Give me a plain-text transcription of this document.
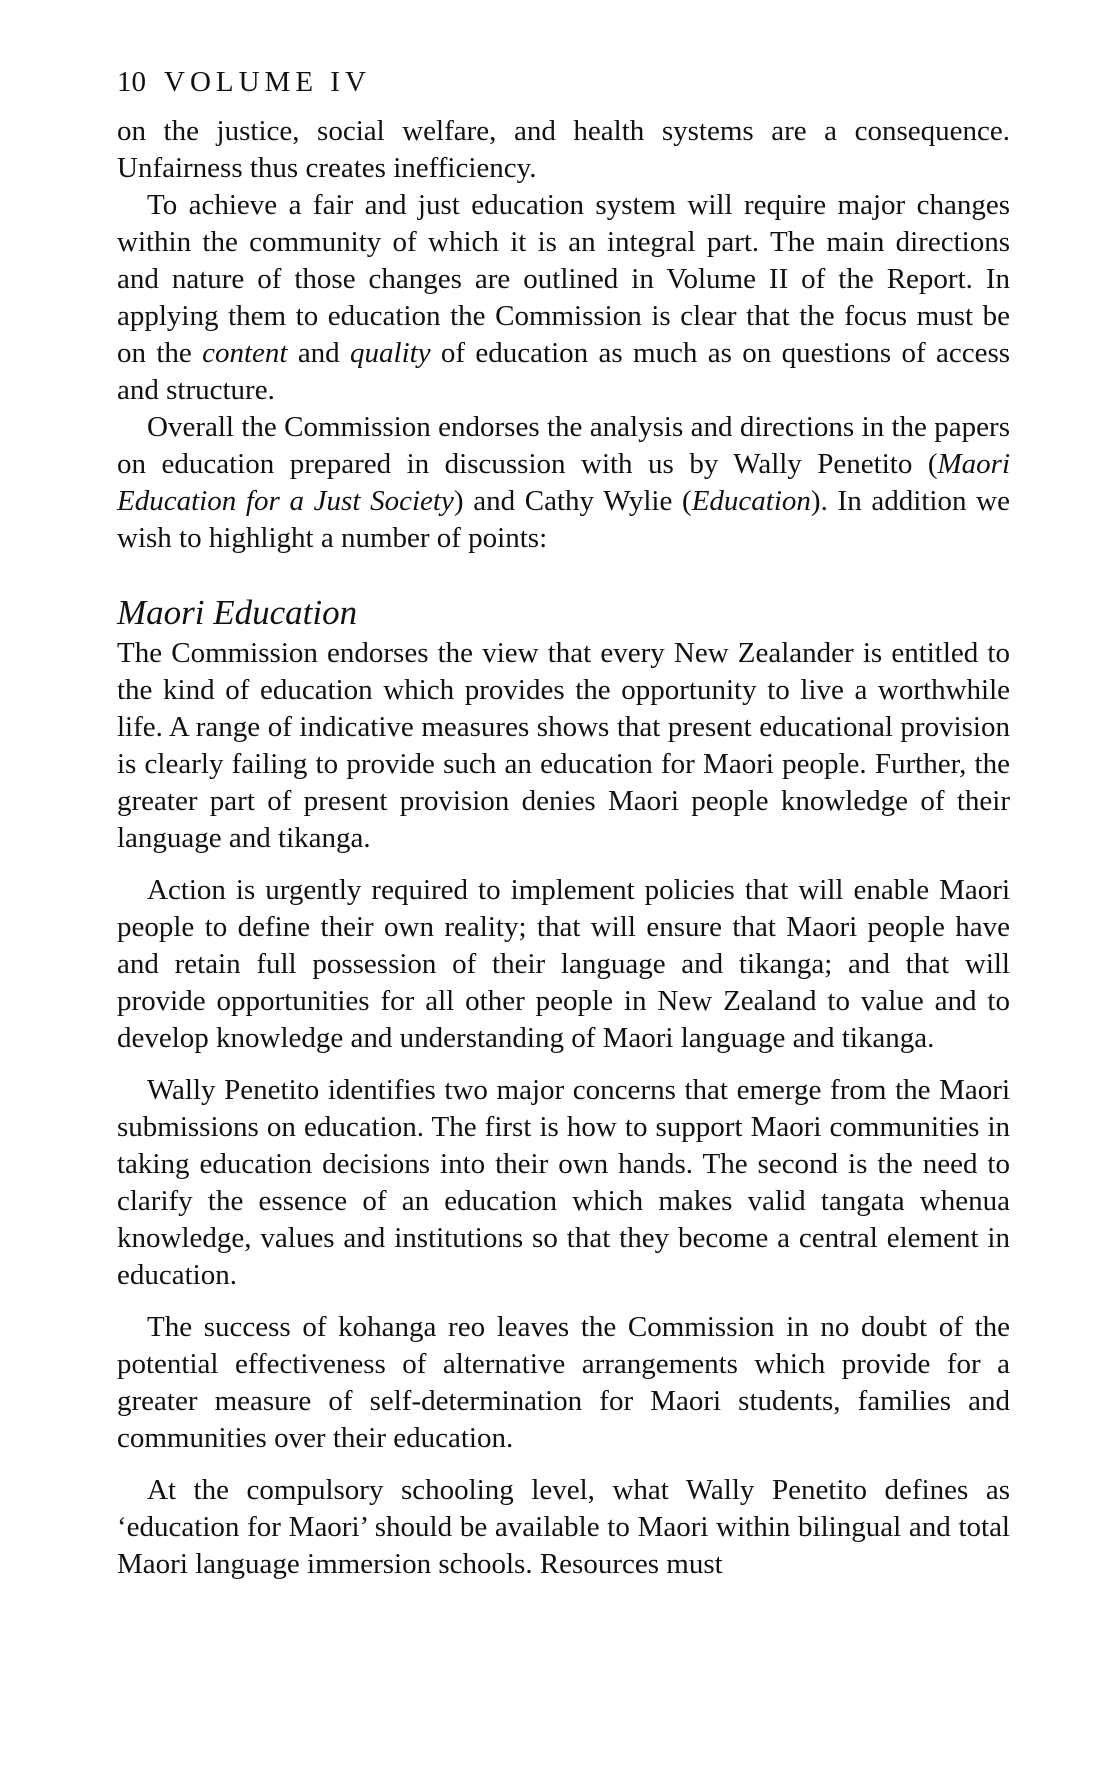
10 VOLUME IV

on the justice, social welfare, and health systems are a consequence. Unfairness thus creates inefficiency.

To achieve a fair and just education system will require major changes within the community of which it is an integral part. The main directions and nature of those changes are outlined in Volume II of the Report. In applying them to education the Commission is clear that the focus must be on the content and quality of education as much as on questions of access and structure.

Overall the Commission endorses the analysis and directions in the papers on education prepared in discussion with us by Wally Penetito (Maori Education for a Just Society) and Cathy Wylie (Education). In addition we wish to highlight a number of points:

Maori Education

The Commission endorses the view that every New Zealander is entitled to the kind of education which provides the opportunity to live a worthwhile life. A range of indicative measures shows that present educational provision is clearly failing to provide such an education for Maori people. Further, the greater part of present provision denies Maori people knowledge of their language and tikanga.

Action is urgently required to implement policies that will enable Maori people to define their own reality; that will ensure that Maori people have and retain full possession of their language and tikanga; and that will provide opportunities for all other people in New Zealand to value and to develop knowledge and understanding of Maori language and tikanga.

Wally Penetito identifies two major concerns that emerge from the Maori submissions on education. The first is how to support Maori communities in taking education decisions into their own hands. The second is the need to clarify the essence of an education which makes valid tangata whenua knowledge, values and institutions so that they become a central element in education.

The success of kohanga reo leaves the Commission in no doubt of the potential effectiveness of alternative arrangements which provide for a greater measure of self-determination for Maori students, families and communities over their education.

At the compulsory schooling level, what Wally Penetito defines as ‘education for Maori’ should be available to Maori within bilingual and total Maori language immersion schools. Resources must
